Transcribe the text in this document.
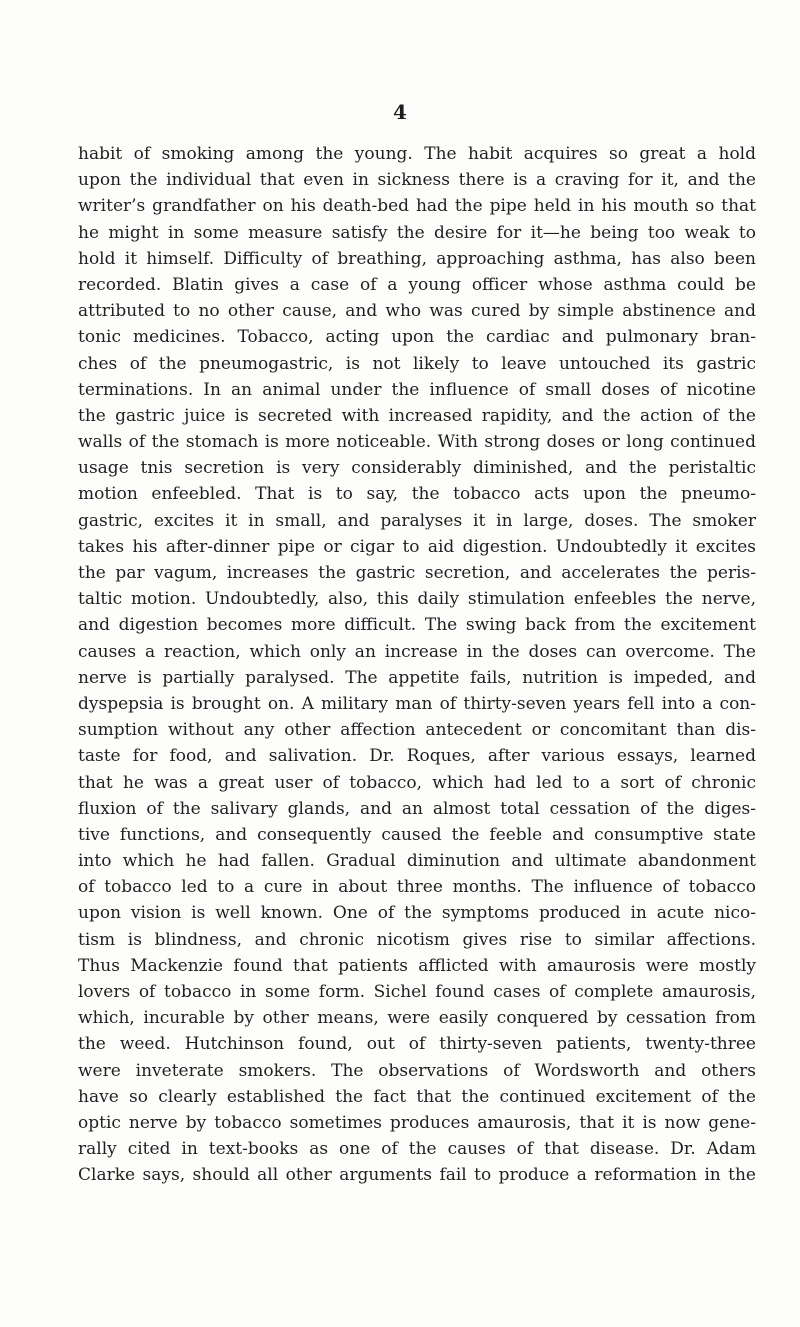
4
habit of smoking among the young. The habit acquires so great a hold
upon the individual that even in sickness there is a craving for it, and the
writer’s grandfather on his death-bed had the pipe held in his mouth so that
he might in some measure satisfy the desire for it—he being too weak to
hold it himself. Difficulty of breathing, approaching asthma, has also been
recorded. Blatin gives a case of a young officer whose asthma could be
attributed to no other cause, and who was cured by simple abstinence and
tonic medicines. Tobacco, acting upon the cardiac and pulmonary bran-
ches of the pneumogastric, is not likely to leave untouched its gastric
terminations. In an animal under the influence of small doses of nicotine
the gastric juice is secreted with increased rapidity, and the action of the
walls of the stomach is more noticeable. With strong doses or long continued
usage tnis secretion is very considerably diminished, and the peristaltic
motion enfeebled. That is to say, the tobacco acts upon the pneumo-
gastric, excites it in small, and paralyses it in large, doses. The smoker
takes his after-dinner pipe or cigar to aid digestion. Undoubtedly it excites
the par vagum, increases the gastric secretion, and accelerates the peris-
taltic motion. Undoubtedly, also, this daily stimulation enfeebles the nerve,
and digestion becomes more difficult. The swing back from the excitement
causes a reaction, which only an increase in the doses can overcome. The
nerve is partially paralysed. The appetite fails, nutrition is impeded, and
dyspepsia is brought on. A military man of thirty-seven years fell into a con-
sumption without any other affection antecedent or concomitant than dis-
taste for food, and salivation. Dr. Roques, after various essays, learned
that he was a great user of tobacco, which had led to a sort of chronic
fluxion of the salivary glands, and an almost total cessation of the diges-
tive functions, and consequently caused the feeble and consumptive state
into which he had fallen. Gradual diminution and ultimate abandonment
of tobacco led to a cure in about three months. The influence of tobacco
upon vision is well known. One of the symptoms produced in acute nico-
tism is blindness, and chronic nicotism gives rise to similar affections.
Thus Mackenzie found that patients afflicted with amaurosis were mostly
lovers of tobacco in some form. Sichel found cases of complete amaurosis,
which, incurable by other means, were easily conquered by cessation from
the weed. Hutchinson found, out of thirty-seven patients, twenty-three
were inveterate smokers. The observations of Wordsworth and others
have so clearly established the fact that the continued excitement of the
optic nerve by tobacco sometimes produces amaurosis, that it is now gene-
rally cited in text-books as one of the causes of that disease. Dr. Adam
Clarke says, should all other arguments fail to produce a reformation in the
